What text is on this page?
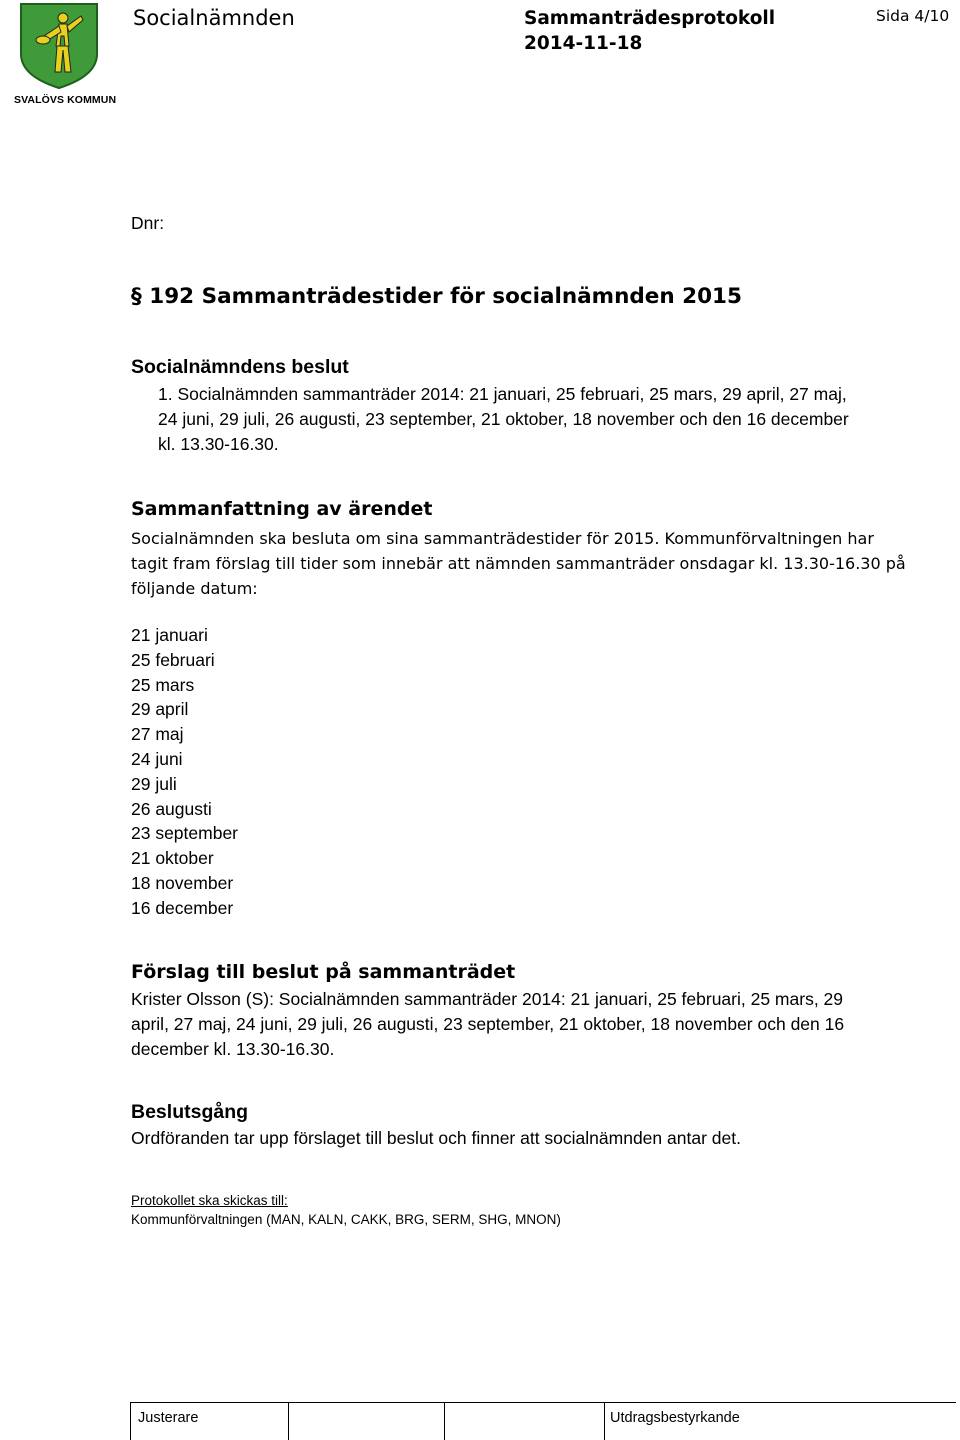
SVALÖVS KOMMUN
Socialnämnden	Sammanträdesprotokoll
2014-11-18
Sida 4/10
Dnr:
§ 192 Sammanträdestider för socialnämnden 2015
Socialnämndens beslut
1. Socialnämnden sammanträder 2014: 21 januari, 25 februari, 25 mars, 29 april, 27 maj,
24 juni, 29 juli, 26 augusti, 23 september, 21 oktober, 18 november och den 16 december
kl. 13.30-16.30.
Sammanfattning av ärendet
Socialnämnden ska besluta om sina sammanträdestider för 2015. Kommunförvaltningen har
tagit fram förslag till tider som innebär att nämnden sammanträder onsdagar kl. 13.30-16.30 på
följande datum:
21 januari
25 februari
25 mars
29 april
27 maj
24 juni
29 juli
26 augusti
23 september
21 oktober
18 november
16 december
Förslag till beslut på sammanträdet
Krister Olsson (S): Socialnämnden sammanträder 2014: 21 januari, 25 februari, 25 mars, 29
april, 27 maj, 24 juni, 29 juli, 26 augusti, 23 september, 21 oktober, 18 november och den 16
december kl. 13.30-16.30.
Beslutsgång
Ordföranden tar upp förslaget till beslut och finner att socialnämnden antar det.
Protokollet ska skickas till:
Kommunförvaltningen (MAN, KALN, CAKK, BRG, SERM, SHG, MNON)
Justerare	Utdragsbestyrkande
